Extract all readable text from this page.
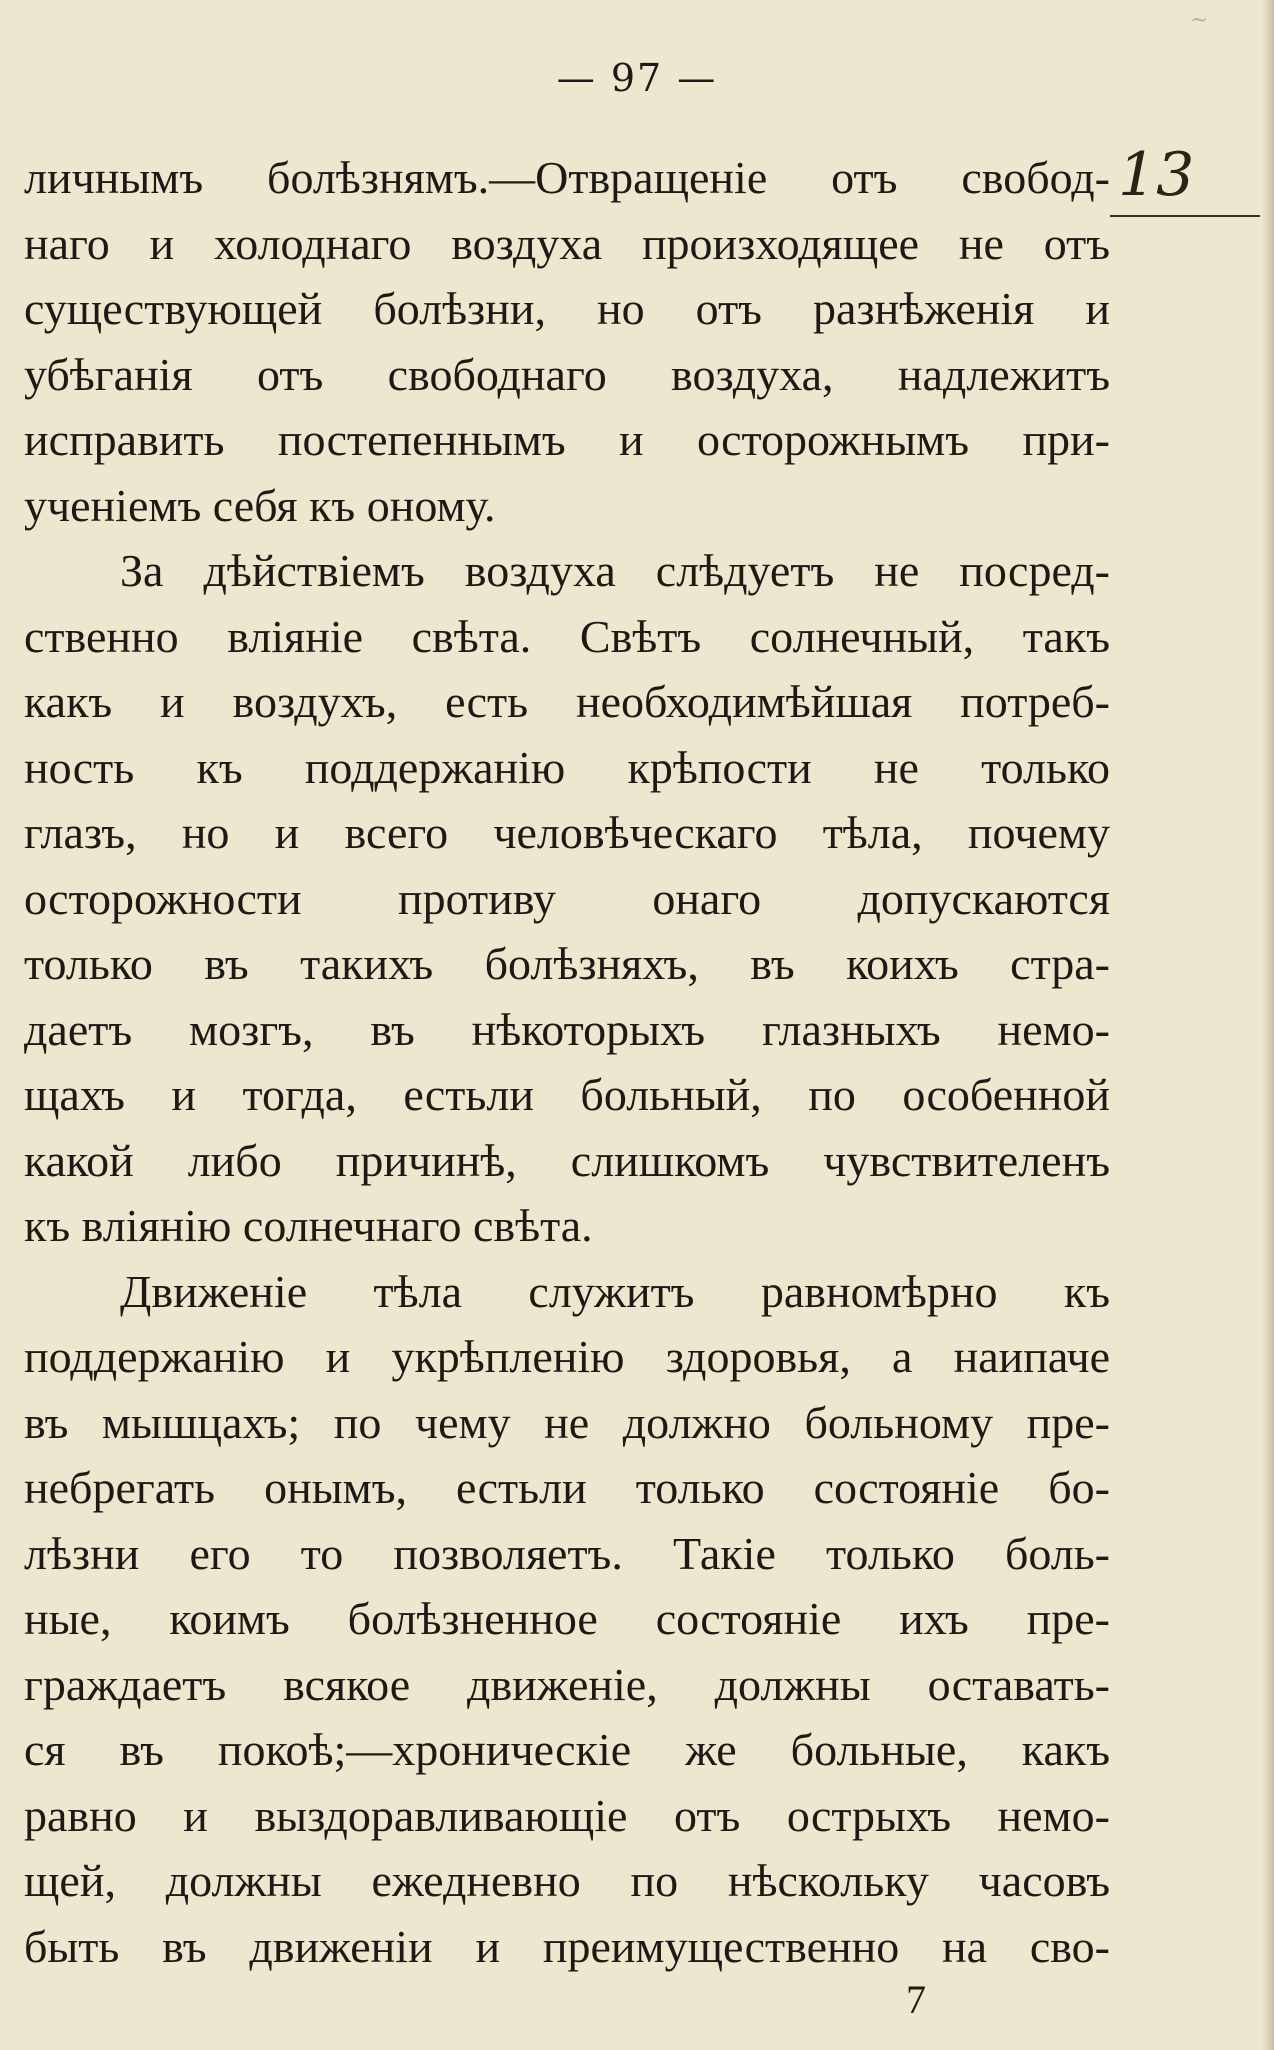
~
— 97 —
13
личнымъ болѣзнямъ.—Отвращеніе отъ свобод-
наго и холоднаго воздуха произходящее не отъ
существующей болѣзни, но отъ разнѣженія и
убѣганія отъ свободнаго воздуха, надлежитъ
исправить постепеннымъ и осторожнымъ при-
ученіемъ себя къ оному.
За дѣйствіемъ воздуха слѣдуетъ не посред-
ственно вліяніе свѣта. Свѣтъ солнечный, такъ
какъ и воздухъ, есть необходимѣйшая потреб-
ность къ поддержанію крѣпости не только
глазъ, но и всего человѣческаго тѣла, почему
осторожности противу онаго допускаются
только въ такихъ болѣзняхъ, въ коихъ стра-
даетъ мозгъ, въ нѣкоторыхъ глазныхъ немо-
щахъ и тогда, естьли больный, по особенной
какой либо причинѣ, слишкомъ чувствителенъ
къ вліянію солнечнаго свѣта.
Движеніе тѣла служитъ равномѣрно къ
поддержанію и укрѣпленію здоровья, а наипаче
въ мышцахъ; по чему не должно больному пре-
небрегать онымъ, естьли только состояніе бо-
лѣзни его то позволяетъ. Такіе только боль-
ные, коимъ болѣзненное состояніе ихъ пре-
граждаетъ всякое движеніе, должны оставать-
ся въ покоѣ;—хроническіе же больные, какъ
равно и выздоравливающіе отъ острыхъ немо-
щей, должны ежедневно по нѣскольку часовъ
быть въ движеніи и преимущественно на сво-
7
